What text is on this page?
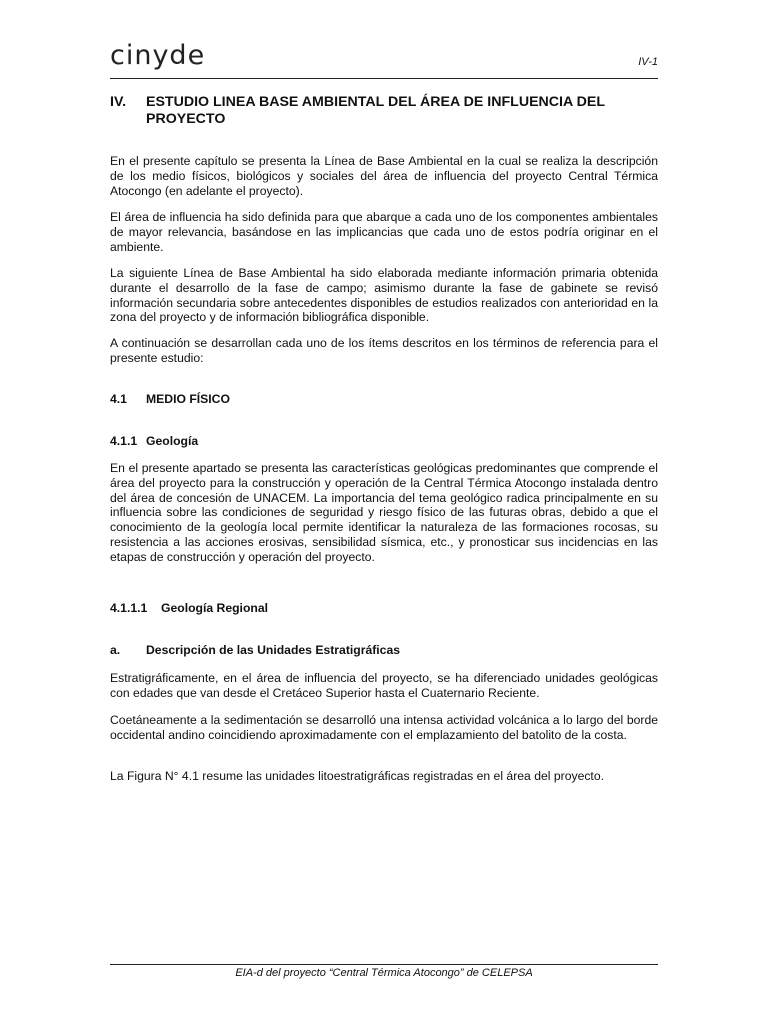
cinyde	IV-1
IV. ESTUDIO LINEA BASE AMBIENTAL DEL ÁREA DE INFLUENCIA DEL PROYECTO

En el presente capítulo se presenta la Línea de Base Ambiental en la cual se realiza la descripción de los medio físicos, biológicos y sociales del área de influencia del proyecto Central Térmica Atocongo (en adelante el proyecto).

El área de influencia ha sido definida para que abarque a cada uno de los componentes ambientales de mayor relevancia, basándose en las implicancias que cada uno de estos podría originar en el ambiente.

La siguiente Línea de Base Ambiental ha sido elaborada mediante información primaria obtenida durante el desarrollo de la fase de campo; asimismo durante la fase de gabinete se revisó información secundaria sobre antecedentes disponibles de estudios realizados con anterioridad en la zona del proyecto y de información bibliográfica disponible.

A continuación se desarrollan cada uno de los ítems descritos en los términos de referencia para el presente estudio:

4.1 MEDIO FÍSICO
4.1.1 Geología

En el presente apartado se presenta las características geológicas predominantes que comprende el área del proyecto para la construcción y operación de la Central Térmica Atocongo instalada dentro del área de concesión de UNACEM. La importancia del tema geológico radica principalmente en su influencia sobre las condiciones de seguridad y riesgo físico de las futuras obras, debido a que el conocimiento de la geología local permite identificar la naturaleza de las formaciones rocosas, su resistencia a las acciones erosivas, sensibilidad sísmica, etc., y pronosticar sus incidencias en las etapas de construcción y operación del proyecto.

4.1.1.1 Geología Regional
a. Descripción de las Unidades Estratigráficas

Estratigráficamente, en el área de influencia del proyecto, se ha diferenciado unidades geológicas con edades que van desde el Cretáceo Superior hasta el Cuaternario Reciente.

Coetáneamente a la sedimentación se desarrolló una intensa actividad volcánica a lo largo del borde occidental andino coincidiendo aproximadamente con el emplazamiento del batolito de la costa.

La Figura N° 4.1 resume las unidades litoestratigráficas registradas en el área del proyecto.

EIA-d del proyecto “Central Térmica Atocongo” de CELEPSA
